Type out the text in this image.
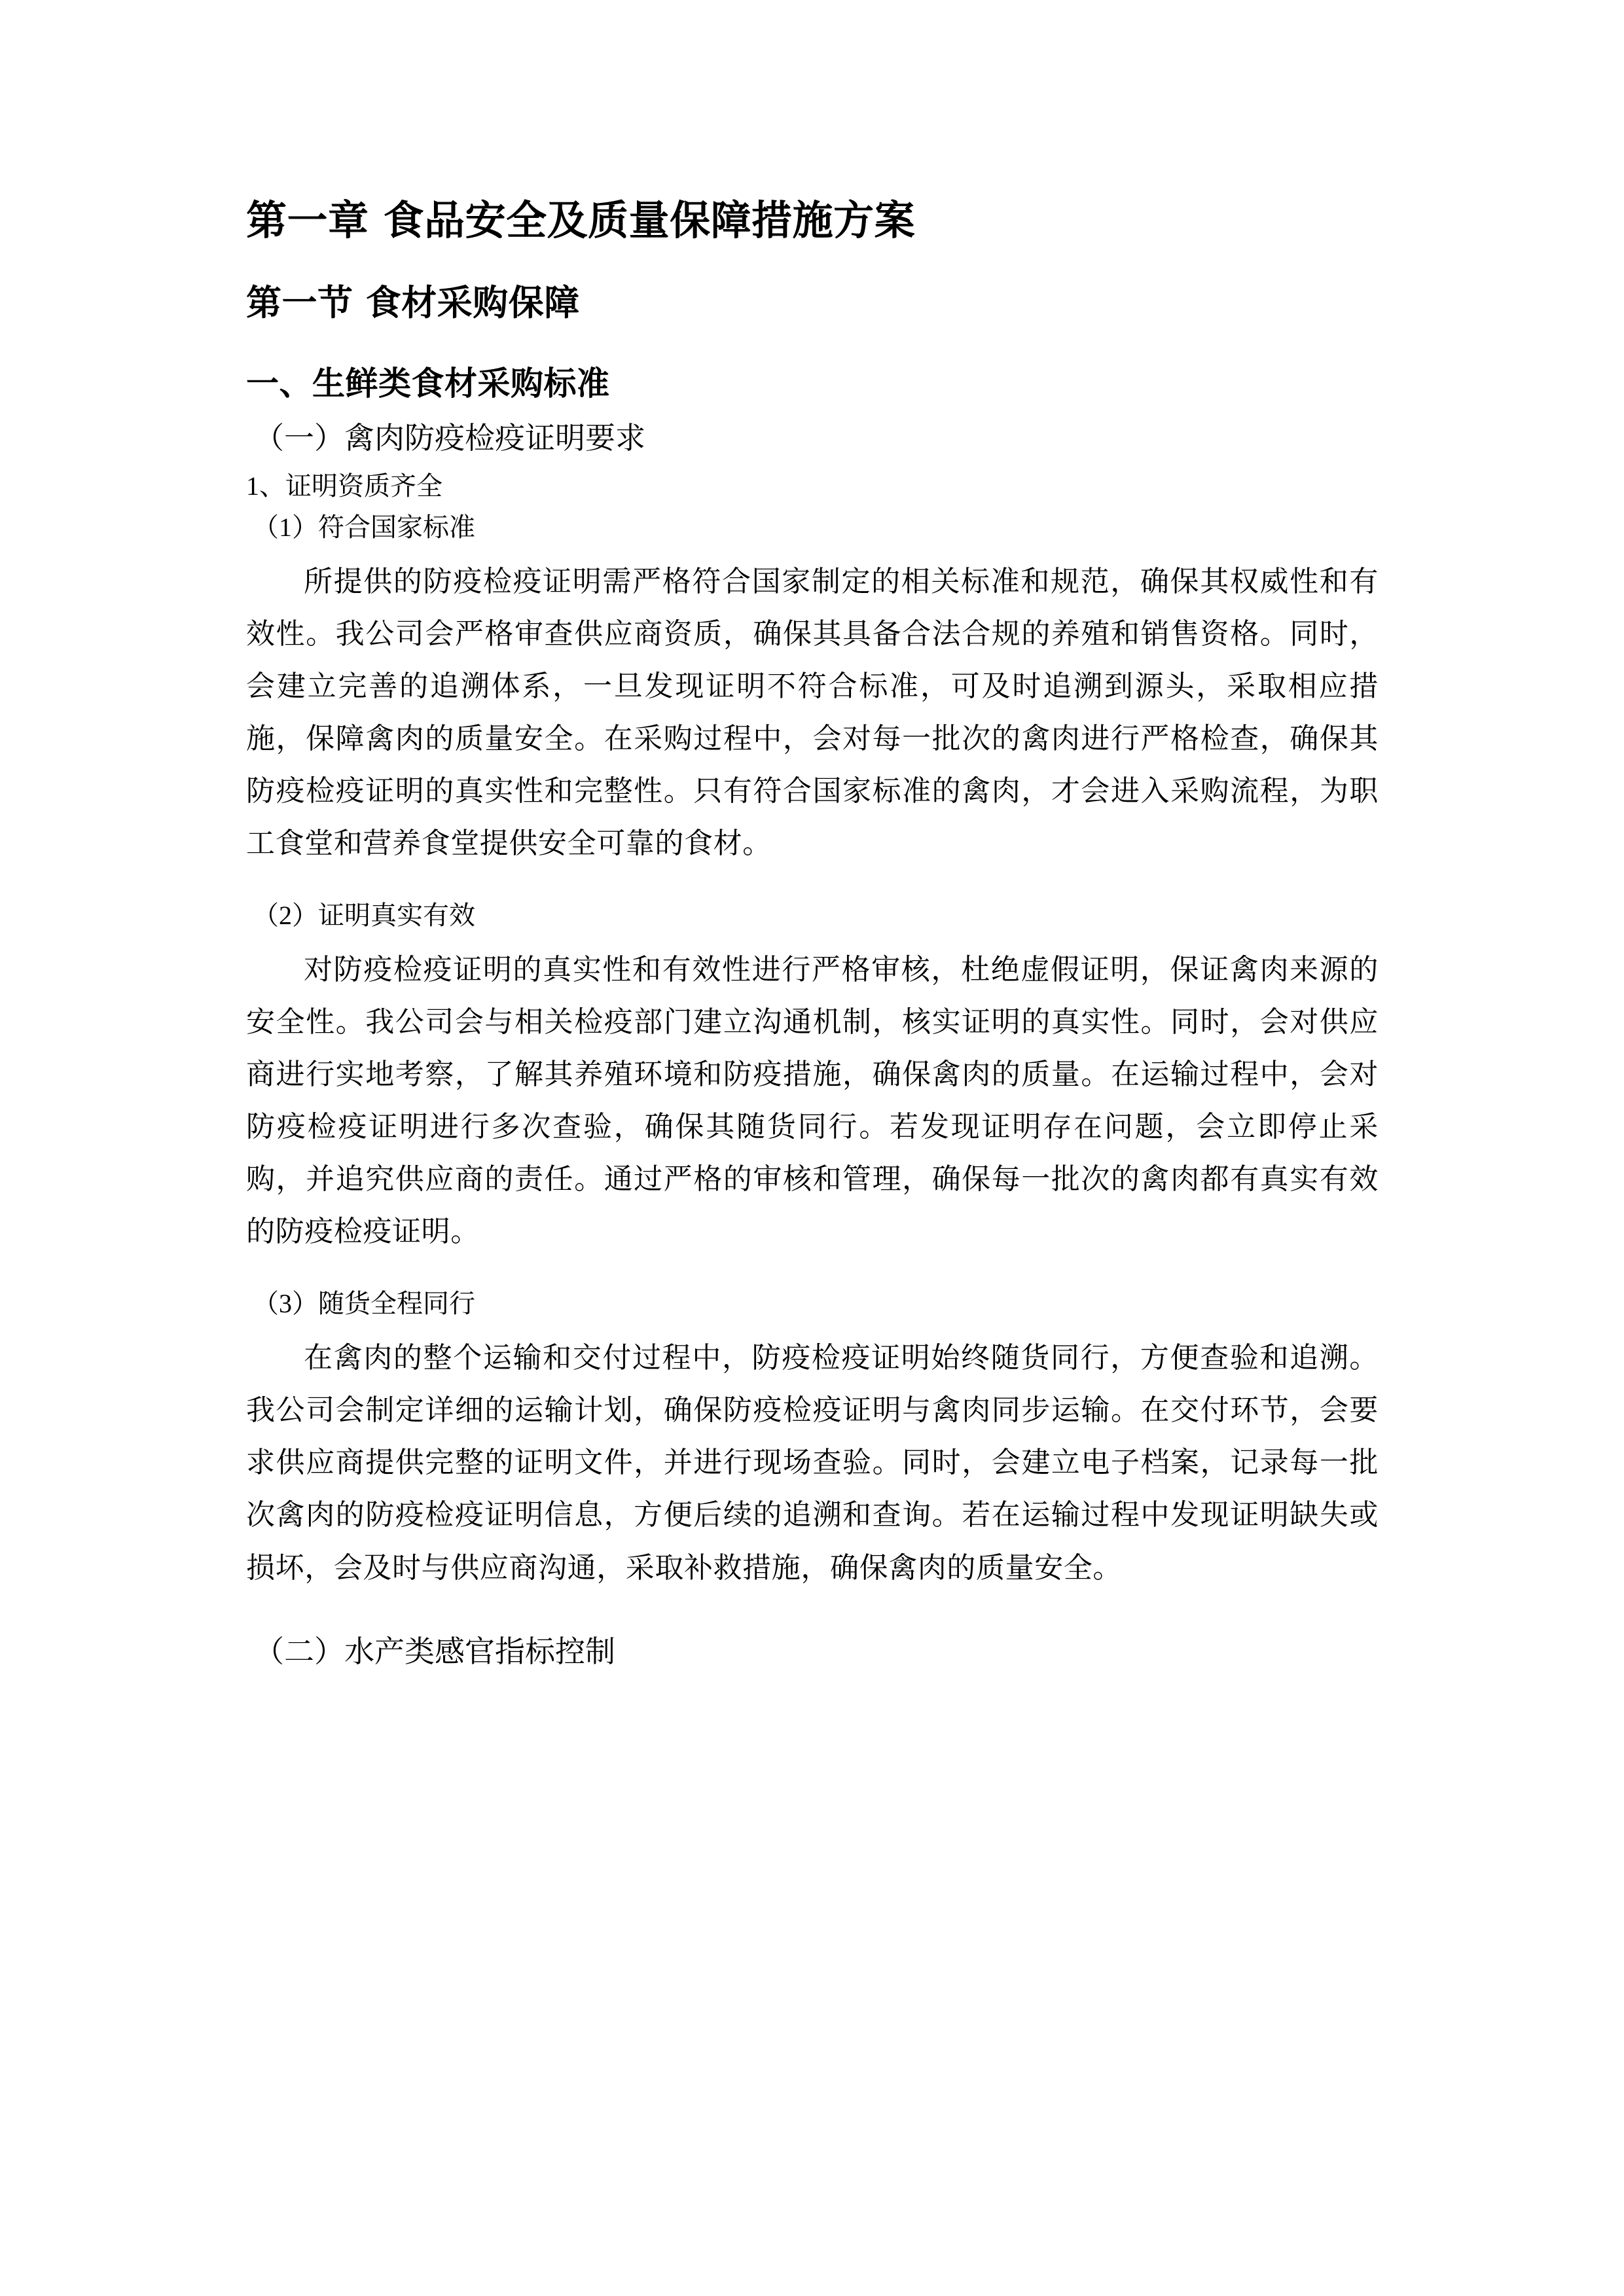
第一章 食品安全及质量保障措施方案
第一节 食材采购保障
一、生鲜类食材采购标准
（一）禽肉防疫检疫证明要求
1、证明资质齐全
（1）符合国家标准

所提供的防疫检疫证明需严格符合国家制定的相关标准和规范，确保其权威性和有效性。我公司会严格审查供应商资质，确保其具备合法合规的养殖和销售资格。同时，会建立完善的追溯体系，一旦发现证明不符合标准，可及时追溯到源头，采取相应措施，保障禽肉的质量安全。在采购过程中，会对每一批次的禽肉进行严格检查，确保其防疫检疫证明的真实性和完整性。只有符合国家标准的禽肉，才会进入采购流程，为职工食堂和营养食堂提供安全可靠的食材。

（2）证明真实有效

对防疫检疫证明的真实性和有效性进行严格审核，杜绝虚假证明，保证禽肉来源的安全性。我公司会与相关检疫部门建立沟通机制，核实证明的真实性。同时，会对供应商进行实地考察，了解其养殖环境和防疫措施，确保禽肉的质量。在运输过程中，会对防疫检疫证明进行多次查验，确保其随货同行。若发现证明存在问题，会立即停止采购，并追究供应商的责任。通过严格的审核和管理，确保每一批次的禽肉都有真实有效的防疫检疫证明。

（3）随货全程同行

在禽肉的整个运输和交付过程中，防疫检疫证明始终随货同行，方便查验和追溯。我公司会制定详细的运输计划，确保防疫检疫证明与禽肉同步运输。在交付环节，会要求供应商提供完整的证明文件，并进行现场查验。同时，会建立电子档案，记录每一批次禽肉的防疫检疫证明信息，方便后续的追溯和查询。若在运输过程中发现证明缺失或损坏，会及时与供应商沟通，采取补救措施，确保禽肉的质量安全。

（二）水产类感官指标控制
